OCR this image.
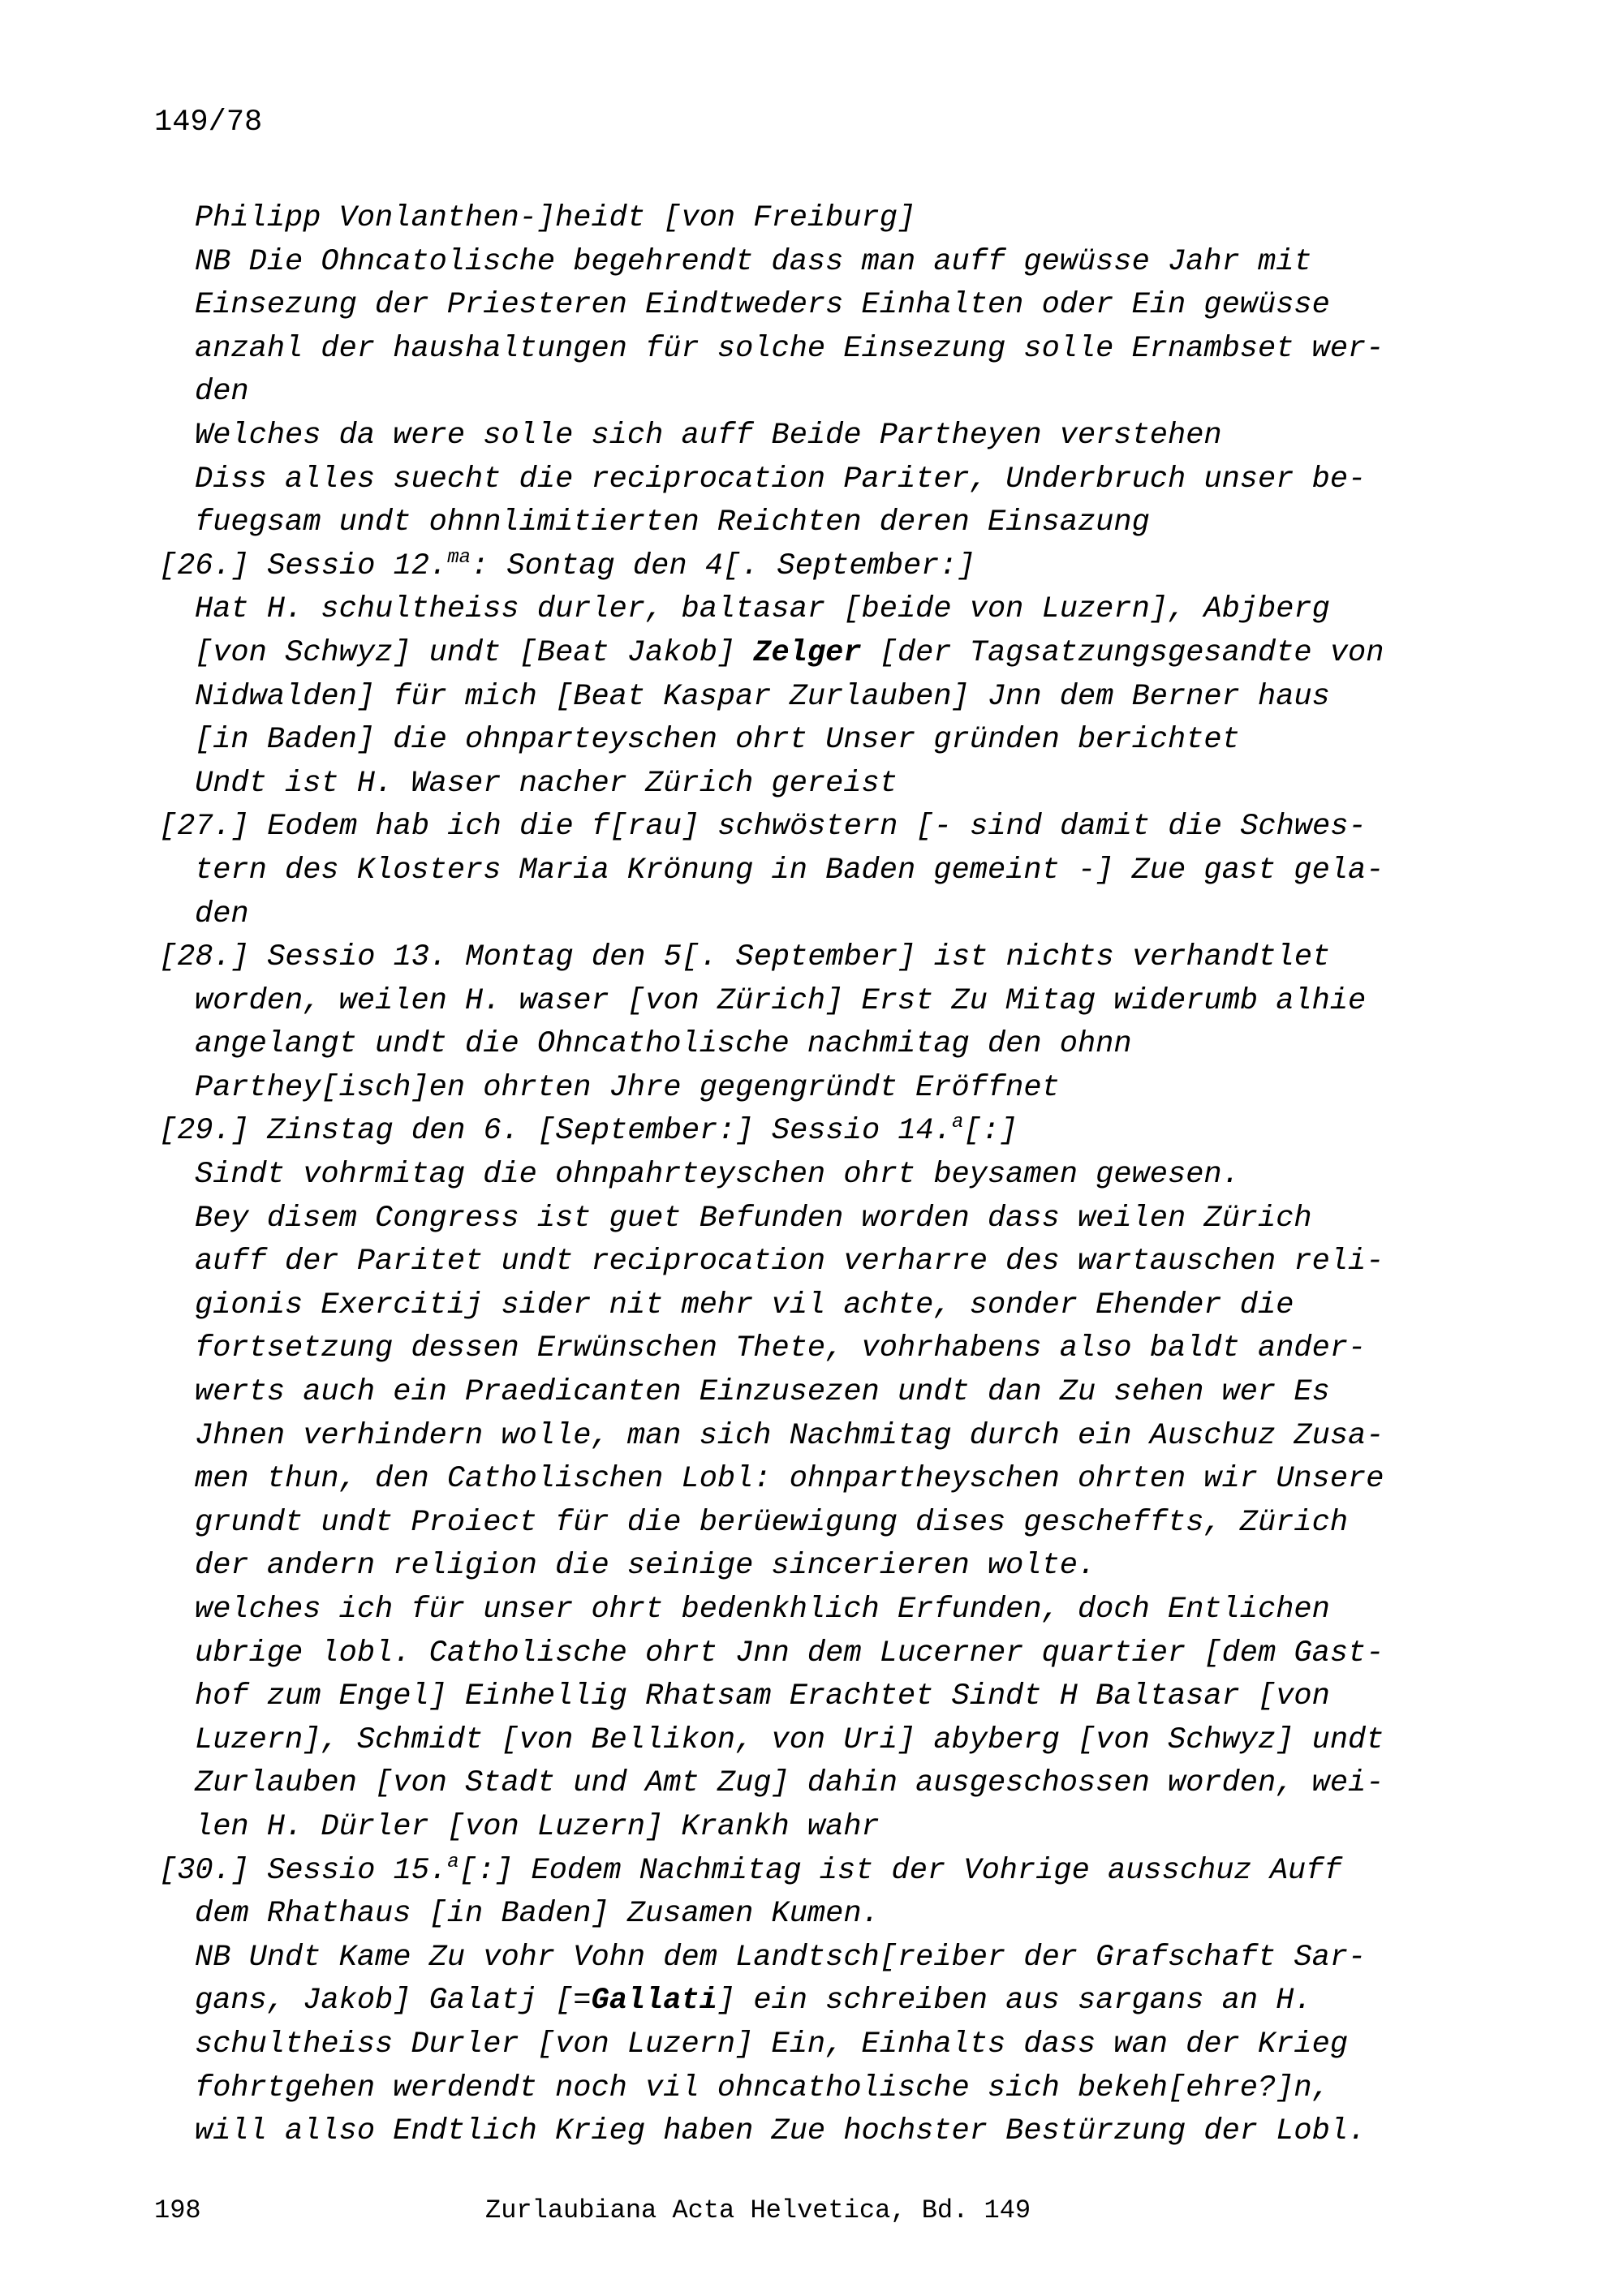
149/78
Philipp Vonlanthen-]heidt [von Freiburg]
NB Die Ohncatolische begehrendt dass man auff gewüsse Jahr mit
Einsezung der Priesteren Eindtweders Einhalten oder Ein gewüsse
anzahl der haushaltungen für solche Einsezung solle Ernambset wer-
den
Welches da were solle sich auff Beide Partheyen verstehen
Diss alles suecht die reciprocation Pariter, Underbruch unser be-
fuegsam undt ohnnlimitierten Reichten deren Einsazung
[26.] Sessio 12.$^{ma}$: Sontag den 4[. September:]
Hat H. schultheiss durler, baltasar [beide von Luzern], Abjberg
[von Schwyz] undt [Beat Jakob] Zelger [der Tagsatzungsgesandte von
Nidwalden] für mich [Beat Kaspar Zurlauben] Jnn dem Berner haus
[in Baden] die ohnparteyschen ohrt Unser gründen berichtet
Undt ist H. Waser nacher Zürich gereist
[27.] Eodem hab ich die f[rau] schwöstern [- sind damit die Schwes-
tern des Klosters Maria Krönung in Baden gemeint -] Zue gast gela-
den
[28.] Sessio 13. Montag den 5[. September] ist nichts verhandtlet
worden, weilen H. waser [von Zürich] Erst Zu Mitag widerumb alhie
angelangt undt die Ohncatholische nachmitag den ohnn
Parthey[isch]en ohrten Jhre gegengründt Eröffnet
[29.] Zinstag den 6. [September:] Sessio 14.$^a$[:]
Sindt vohrmitag die ohnpahrteyschen ohrt beysamen gewesen.
Bey disem Congress ist guet Befunden worden dass weilen Zürich
auff der Paritet undt reciprocation verharre des wartauschen reli-
gionis Exercitij sider nit mehr vil achte, sonder Ehender die
fortsetzung dessen Erwünschen Thete, vohrhabens also baldt ander-
werts auch ein Praedicanten Einzusezen undt dan Zu sehen wer Es
Jhnen verhindern wolle, man sich Nachmitag durch ein Auschuz Zusa-
men thun, den Catholischen Lobl: ohnpartheyschen ohrten wir Unsere
grundt undt Proiect für die berüewigung dises gescheffts, Zürich
der andern religion die seinige sincerieren wolte.
welches ich für unser ohrt bedenkhlich Erfunden, doch Entlichen
ubrige lobl. Catholische ohrt Jnn dem Lucerner quartier [dem Gast-
hof zum Engel] Einhellig Rhatsam Erachtet Sindt H Baltasar [von
Luzern], Schmidt [von Bellikon, von Uri] abyberg [von Schwyz] undt
Zurlauben [von Stadt und Amt Zug] dahin ausgeschossen worden, wei-
len H. Dürler [von Luzern] Krankh wahr
[30.] Sessio 15.$^a$[:] Eodem Nachmitag ist der Vohrige ausschuz Auff
dem Rhathaus [in Baden] Zusamen Kumen.
NB Undt Kame Zu vohr Vohn dem Landtsch[reiber der Grafschaft Sar-
gans, Jakob] Galatj [=Gallati] ein schreiben aus sargans an H.
schultheiss Durler [von Luzern] Ein, Einhalts dass wan der Krieg
fohrtgehen werdendt noch vil ohncatholische sich bekeh[ehre?]n,
will allso Endtlich Krieg haben Zue hochster Bestürzung der Lobl.
198	Zurlaubiana Acta Helvetica, Bd. 149
